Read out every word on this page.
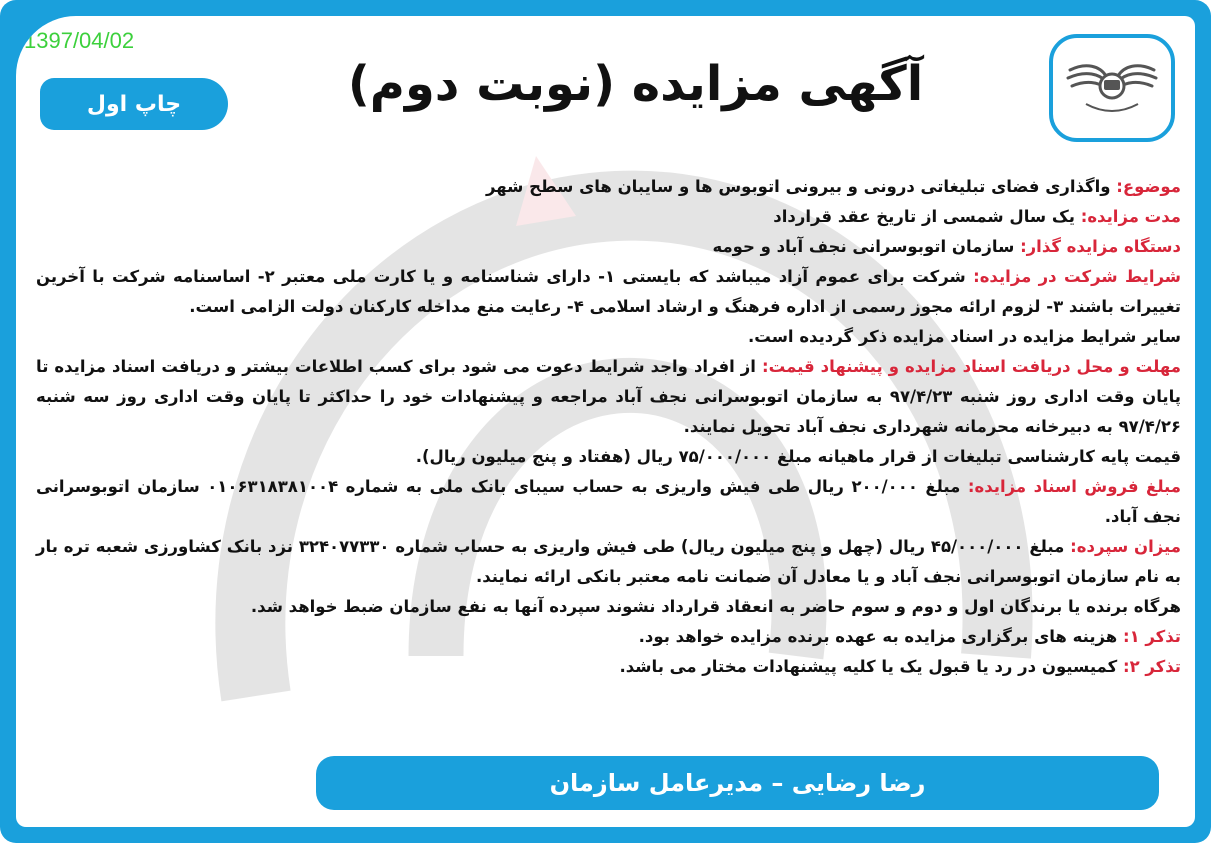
1397/04/02
چاپ اول	آگهی مزایده (نوبت دوم)

موضوع: واگذاری فضای تبلیغاتی درونی و بیرونی اتوبوس ها و سایبان های سطح شهر

مدت مزایده: یک سال شمسی از تاریخ عقد قرارداد

دستگاه مزایده گذار: سازمان اتوبوسرانی نجف آباد و حومه

شرایط شرکت در مزایده: شرکت برای عموم آزاد میباشد که بایستی ۱- دارای شناسنامه و یا کارت ملی معتبر ۲- اساسنامه شرکت با آخرین تغییرات باشند ۳- لزوم ارائه مجوز رسمی از اداره فرهنگ و ارشاد اسلامی ۴- رعایت منع مداخله کارکنان دولت الزامی است.

سایر شرایط مزایده در اسناد مزایده ذکر گردیده است.

مهلت و محل دریافت اسناد مزایده و پیشنهاد قیمت: از افراد واجد شرایط دعوت می شود برای کسب اطلاعات بیشتر و دریافت اسناد مزایده تا پایان وقت اداری روز شنبه ۹۷/۴/۲۳ به سازمان اتوبوسرانی نجف آباد مراجعه و پیشنهادات خود را حداکثر تا پایان وقت اداری روز سه شنبه ۹۷/۴/۲۶ به دبیرخانه محرمانه شهرداری نجف آباد تحویل نمایند.

قیمت پایه کارشناسی تبلیغات از قرار ماهیانه مبلغ ۷۵/۰۰۰/۰۰۰ ریال (هفتاد و پنج میلیون ریال).

مبلغ فروش اسناد مزایده: مبلغ ۲۰۰/۰۰۰ ریال طی فیش واریزی به حساب سیبای بانک ملی به شماره ۰۱۰۶۳۱۸۳۸۱۰۰۴ سازمان اتوبوسرانی نجف آباد.

میزان سپرده: مبلغ ۴۵/۰۰۰/۰۰۰ ریال (چهل و پنج میلیون ریال) طی فیش واریزی به حساب شماره ۳۲۴۰۷۷۳۳۰ نزد بانک کشاورزی شعبه تره بار به نام سازمان اتوبوسرانی نجف آباد و یا معادل آن ضمانت نامه معتبر بانکی ارائه نمایند.

هرگاه برنده یا برندگان اول و دوم و سوم حاضر به انعقاد قرارداد نشوند سپرده آنها به نفع سازمان ضبط خواهد شد.

تذکر ۱: هزینه های برگزاری مزایده به عهده برنده مزایده خواهد بود.

تذکر ۲: کمیسیون در رد یا قبول یک یا کلیه پیشنهادات مختار می باشد.

رضا رضایی – مدیرعامل سازمان
